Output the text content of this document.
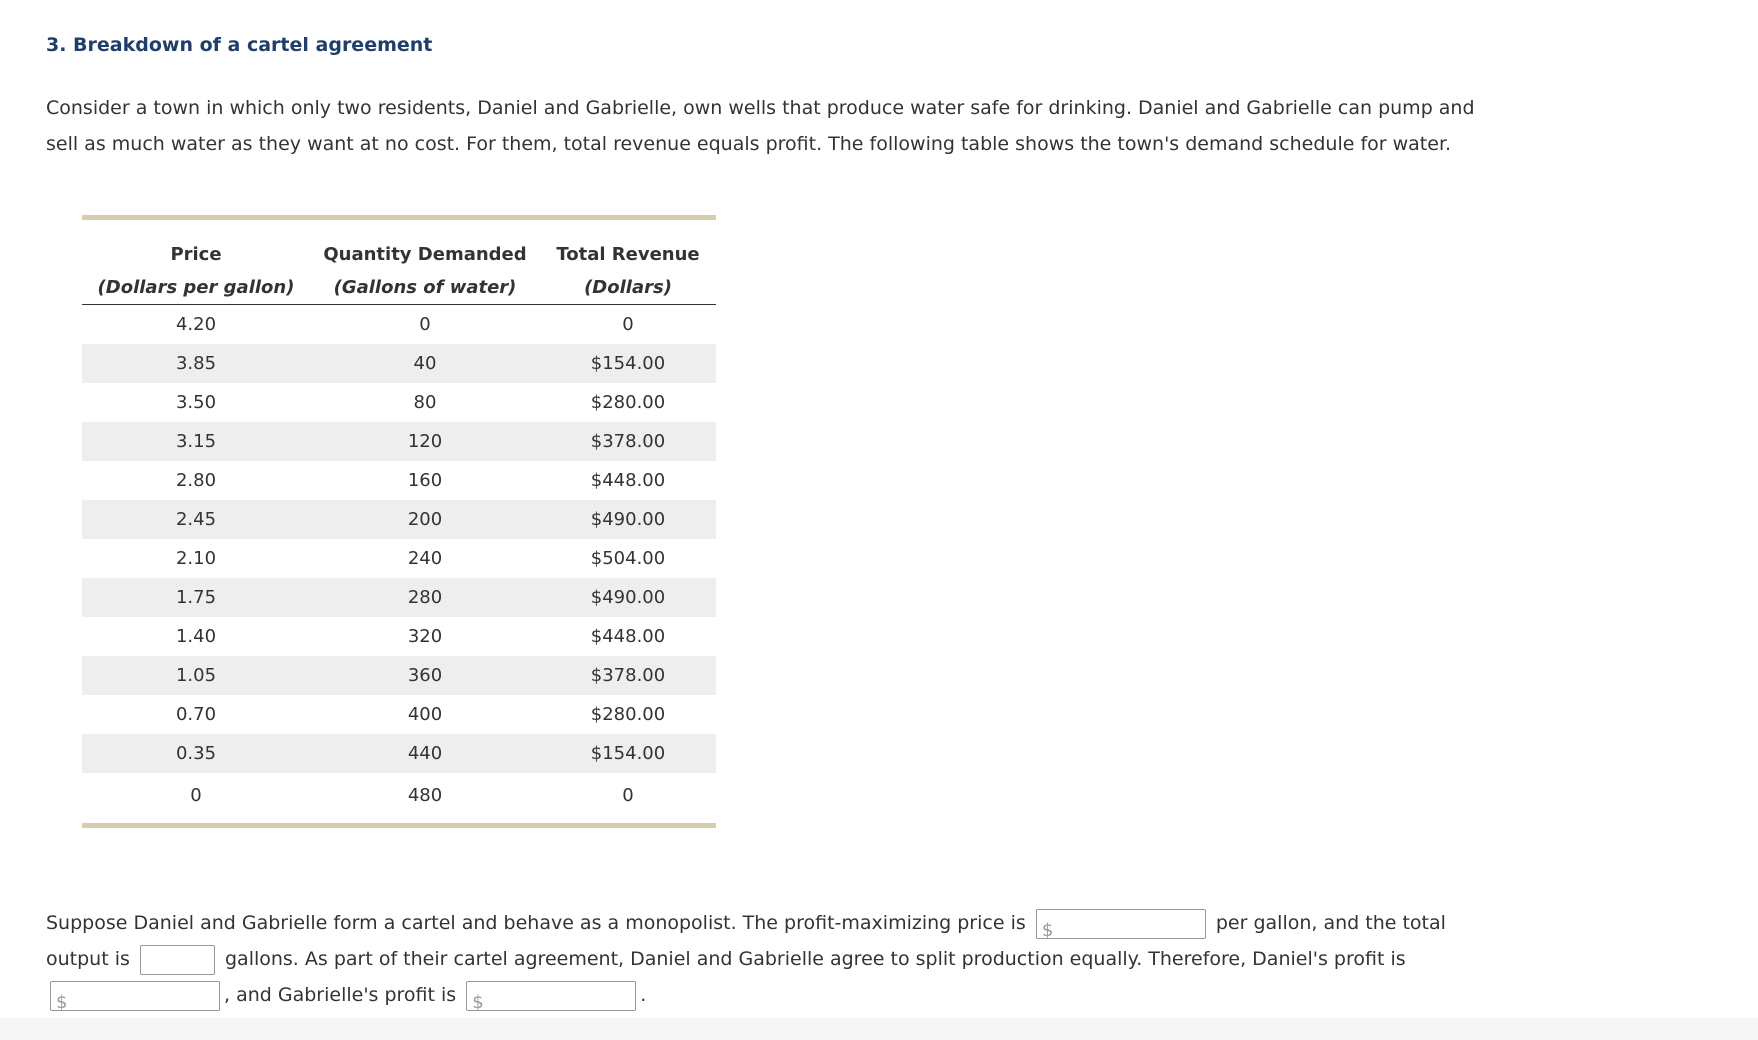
3. Breakdown of a cartel agreement

Consider a town in which only two residents, Daniel and Gabrielle, own wells that produce water safe for drinking. Daniel and Gabrielle can pump and sell as much water as they want at no cost. For them, total revenue equals profit. The following table shows the town's demand schedule for water.

Price	Quantity Demanded	Total Revenue
(Dollars per gallon)	(Gallons of water)	(Dollars)
4.20	0	0
3.85	40	$154.00
3.50	80	$280.00
3.15	120	$378.00
2.80	160	$448.00
2.45	200	$490.00
2.10	240	$504.00
1.75	280	$490.00
1.40	320	$448.00
1.05	360	$378.00
0.70	400	$280.00
0.35	440	$154.00
0	480	0

Suppose Daniel and Gabrielle form a cartel and behave as a monopolist. The profit-maximizing price is $	per gallon, and the total output is	gallons. As part of their cartel agreement, Daniel and Gabrielle agree to split production equally. Therefore, Daniel's profit is
$	, and Gabrielle's profit is $	.
